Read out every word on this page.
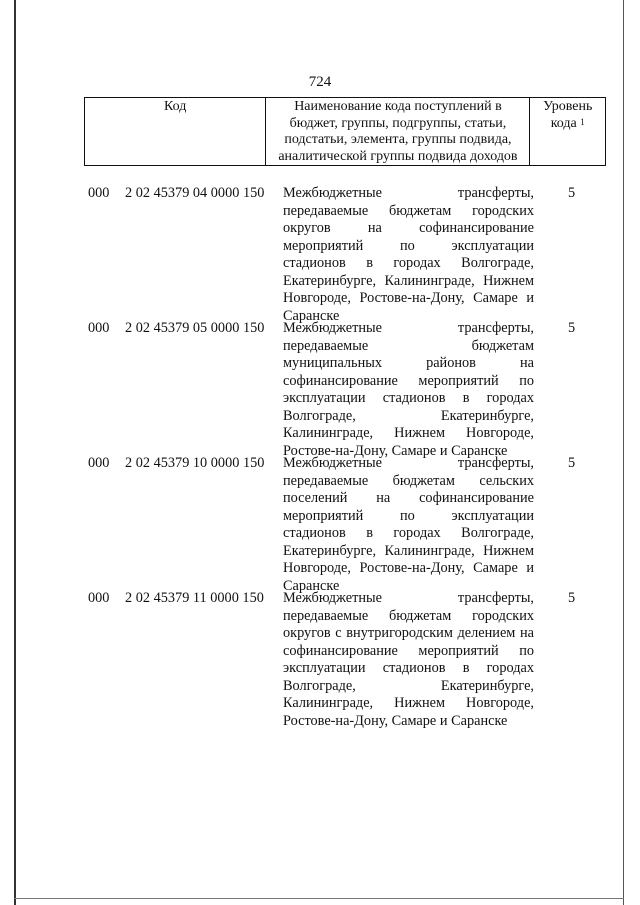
724
Код	Наименование кода поступлений в
бюджет, группы, подгруппы, статьи,
подстатьи, элемента, группы подвида,
аналитической группы подвида доходов

Уровень
кода $^1$
000 2 02 45379 04 0000 150 Межбюджетные трансферты,
передаваемые бюджетам городских
округов на софинансирование
мероприятий по эксплуатации
стадионов в городах Волгограде,
Екатеринбурге, Калининграде, Нижнем
Новгороде, Ростове-на-Дону, Самаре и
Саранске
5
000 2 02 45379 05 0000 150 Межбюджетные трансферты,
передаваемые бюджетам
муниципальных районов на
софинансирование мероприятий по
эксплуатации стадионов в городах
Волгограде, Екатеринбурге,
Калининграде, Нижнем Новгороде,
Ростове-на-Дону, Самаре и Саранске
5
000 2 02 45379 10 0000 150 Межбюджетные трансферты,
передаваемые бюджетам сельских
поселений на софинансирование
мероприятий по эксплуатации
стадионов в городах Волгограде,
Екатеринбурге, Калининграде, Нижнем
Новгороде, Ростове-на-Дону, Самаре и
Саранске
5
000 2 02 45379 11 0000 150 Межбюджетные трансферты,
передаваемые бюджетам городских
округов с внутригородским делением на
софинансирование мероприятий по
эксплуатации стадионов в городах
Волгограде, Екатеринбурге,
Калининграде, Нижнем Новгороде,
Ростове-на-Дону, Самаре и Саранске
5
